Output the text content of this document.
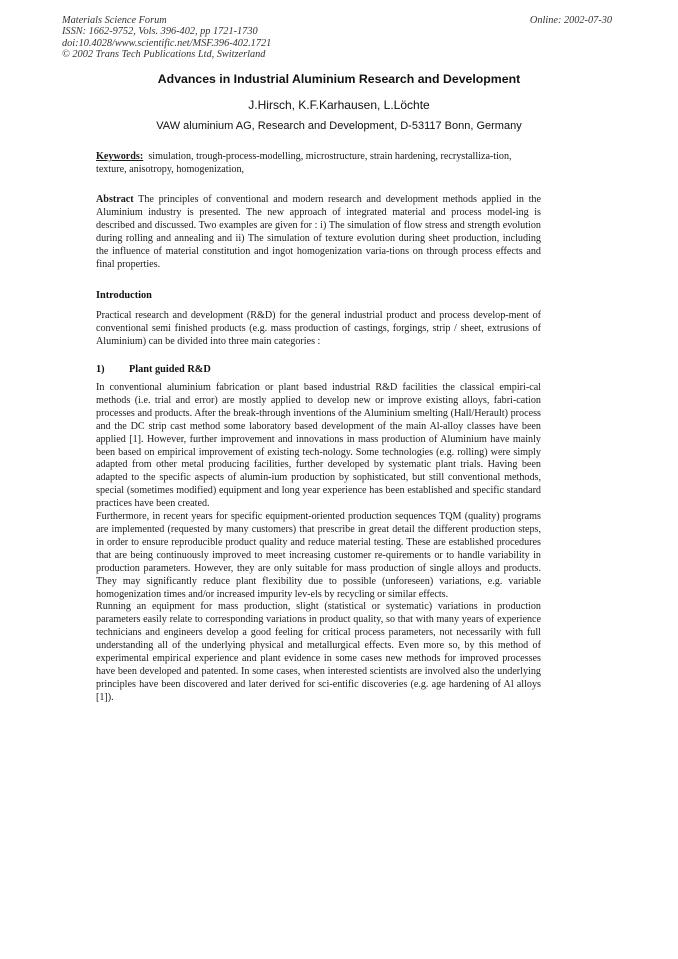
Materials Science Forum
ISSN: 1662-9752, Vols. 396-402, pp 1721-1730
doi:10.4028/www.scientific.net/MSF.396-402.1721
© 2002 Trans Tech Publications Ltd, Switzerland
Online: 2002-07-30
Advances in Industrial Aluminium Research and Development
J.Hirsch, K.F.Karhausen, L.Löchte
VAW aluminium AG, Research and Development, D-53117 Bonn, Germany
Keywords: simulation, trough-process-modelling, microstructure, strain hardening, recrystalliza-tion, texture, anisotropy, homogenization,
Abstract The principles of conventional and modern research and development methods applied in the Aluminium industry is presented. The new approach of integrated material and process model-ing is described and discussed. Two examples are given for : i) The simulation of flow stress and strength evolution during rolling and annealing and ii) The simulation of texture evolution during sheet production, including the influence of material constitution and ingot homogenization varia-tions on through process effects and final properties.
Introduction
Practical research and development (R&D) for the general industrial product and process develop-ment of conventional semi finished products (e.g. mass production of castings, forgings, strip / sheet, extrusions of Aluminium) can be divided into three main categories :
1) Plant guided R&D

In conventional aluminium fabrication or plant based industrial R&D facilities the classical empiri-cal methods (i.e. trial and error) are mostly applied to develop new or improve existing alloys, fabri-cation processes and products. After the break-through inventions of the Aluminium smelting (Hall/Herault) process and the DC strip cast method some laboratory based development of the main Al-alloy classes have been applied [1]. However, further improvement and innovations in mass production of Aluminium have mainly been based on empirical improvement of existing tech-nology. Some technologies (e.g. rolling) were simply adapted from other metal producing facilities, further developed by systematic plant trials. Having been adapted to the specific aspects of alumin-ium production by sophisticated, but still conventional methods, special (sometimes modified) equipment and long year experience has been established and specific standard practices have been created.

Furthermore, in recent years for specific equipment-oriented production sequences TQM (quality) programs are implemented (requested by many customers) that prescribe in great detail the different production steps, in order to ensure reproducible product quality and reduce material testing. These are established procedures that are being continuously improved to meet increasing customer re-quirements or to handle variability in production parameters. However, they are only suitable for mass production of single alloys and products. They may significantly reduce plant flexibility due to possible (unforeseen) variations, e.g. variable homogenization times and/or increased impurity lev-els by recycling or similar effects.

Running an equipment for mass production, slight (statistical or systematic) variations in production parameters easily relate to corresponding variations in product quality, so that with many years of experience technicians and engineers develop a good feeling for critical process parameters, not necessarily with full understanding all of the underlying physical and metallurgical effects. Even more so, by this method of experimental empirical experience and plant evidence in some cases new methods for improved processes have been developed and patented. In some cases, when interested scientists are involved also the underlying principles have been discovered and later derived for sci-entific discoveries (e.g. age hardening of Al alloys [1]).
